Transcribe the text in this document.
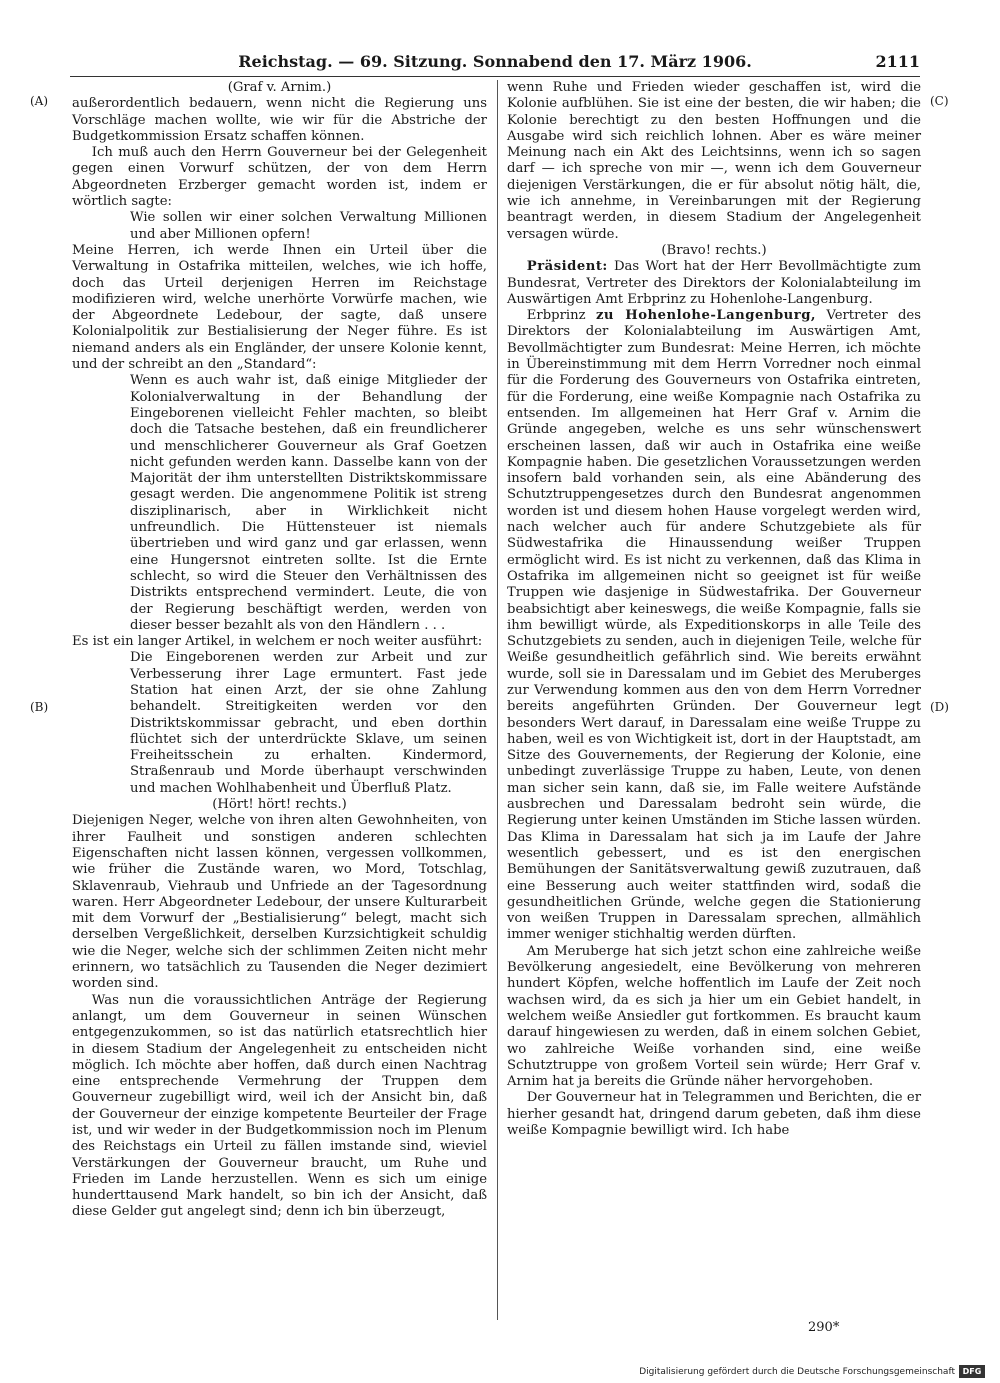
Reichstag. — 69. Sitzung. Sonnabend den 17. März 1906.	2111
(A)
(B)
(C)
(D)

(Graf v. Arnim.)

außerordentlich bedauern, wenn nicht die Regierung uns Vorschläge machen wollte, wie wir für die Abstriche der Budgetkommission Ersatz schaffen können.

Ich muß auch den Herrn Gouverneur bei der Gelegenheit gegen einen Vorwurf schützen, der von dem Herrn Abgeordneten Erzberger gemacht worden ist, indem er wörtlich sagte:

Wie sollen wir einer solchen Verwaltung Millionen und aber Millionen opfern!

Meine Herren, ich werde Ihnen ein Urteil über die Verwaltung in Ostafrika mitteilen, welches, wie ich hoffe, doch das Urteil derjenigen Herren im Reichstage modifizieren wird, welche unerhörte Vorwürfe machen, wie der Abgeordnete Ledebour, der sagte, daß unsere Kolonialpolitik zur Bestialisierung der Neger führe. Es ist niemand anders als ein Engländer, der unsere Kolonie kennt, und der schreibt an den „Standard“:

Wenn es auch wahr ist, daß einige Mitglieder der Kolonialverwaltung in der Behandlung der Eingeborenen vielleicht Fehler machten, so bleibt doch die Tatsache bestehen, daß ein freundlicherer und menschlicherer Gouverneur als Graf Goetzen nicht gefunden werden kann. Dasselbe kann von der Majorität der ihm unterstellten Distriktskommissare gesagt werden. Die angenommene Politik ist streng disziplinarisch, aber in Wirklichkeit nicht unfreundlich. Die Hüttensteuer ist niemals übertrieben und wird ganz und gar erlassen, wenn eine Hungersnot eintreten sollte. Ist die Ernte schlecht, so wird die Steuer den Verhältnissen des Distrikts entsprechend vermindert. Leute, die von der Regierung beschäftigt werden, werden von dieser besser bezahlt als von den Händlern . . .

Es ist ein langer Artikel, in welchem er noch weiter ausführt:

Die Eingeborenen werden zur Arbeit und zur Verbesserung ihrer Lage ermuntert. Fast jede Station hat einen Arzt, der sie ohne Zahlung behandelt. Streitigkeiten werden vor den Distriktskommissar gebracht, und eben dorthin flüchtet sich der unterdrückte Sklave, um seinen Freiheitsschein zu erhalten. Kindermord, Straßenraub und Morde überhaupt verschwinden und machen Wohlhabenheit und Überfluß Platz.

(Hört! hört! rechts.)

Diejenigen Neger, welche von ihren alten Gewohnheiten, von ihrer Faulheit und sonstigen anderen schlechten Eigenschaften nicht lassen können, vergessen vollkommen, wie früher die Zustände waren, wo Mord, Totschlag, Sklavenraub, Viehraub und Unfriede an der Tagesordnung waren. Herr Abgeordneter Ledebour, der unsere Kulturarbeit mit dem Vorwurf der „Bestialisierung“ belegt, macht sich derselben Vergeßlichkeit, derselben Kurzsichtigkeit schuldig wie die Neger, welche sich der schlimmen Zeiten nicht mehr erinnern, wo tatsächlich zu Tausenden die Neger dezimiert worden sind.

Was nun die voraussichtlichen Anträge der Regierung anlangt, um dem Gouverneur in seinen Wünschen entgegenzukommen, so ist das natürlich etatsrechtlich hier in diesem Stadium der Angelegenheit zu entscheiden nicht möglich. Ich möchte aber hoffen, daß durch einen Nachtrag eine entsprechende Vermehrung der Truppen dem Gouverneur zugebilligt wird, weil ich der Ansicht bin, daß der Gouverneur der einzige kompetente Beurteiler der Frage ist, und wir weder in der Budgetkommission noch im Plenum des Reichstags ein Urteil zu fällen imstande sind, wieviel Verstärkungen der Gouverneur braucht, um Ruhe und Frieden im Lande herzustellen. Wenn es sich um einige hunderttausend Mark handelt, so bin ich der Ansicht, daß diese Gelder gut angelegt sind; denn ich bin überzeugt,

wenn Ruhe und Frieden wieder geschaffen ist, wird die Kolonie aufblühen. Sie ist eine der besten, die wir haben; die Kolonie berechtigt zu den besten Hoffnungen und die Ausgabe wird sich reichlich lohnen. Aber es wäre meiner Meinung nach ein Akt des Leichtsinns, wenn ich so sagen darf — ich spreche von mir —, wenn ich dem Gouverneur diejenigen Verstärkungen, die er für absolut nötig hält, die, wie ich annehme, in Vereinbarungen mit der Regierung beantragt werden, in diesem Stadium der Angelegenheit versagen würde.

(Bravo! rechts.)

Präsident: Das Wort hat der Herr Bevollmächtigte zum Bundesrat, Vertreter des Direktors der Kolonialabteilung im Auswärtigen Amt Erbprinz zu Hohenlohe-Langenburg.

Erbprinz zu Hohenlohe-Langenburg, Vertreter des Direktors der Kolonialabteilung im Auswärtigen Amt, Bevollmächtigter zum Bundesrat: Meine Herren, ich möchte in Übereinstimmung mit dem Herrn Vorredner noch einmal für die Forderung des Gouverneurs von Ostafrika eintreten, für die Forderung, eine weiße Kompagnie nach Ostafrika zu entsenden. Im allgemeinen hat Herr Graf v. Arnim die Gründe angegeben, welche es uns sehr wünschenswert erscheinen lassen, daß wir auch in Ostafrika eine weiße Kompagnie haben. Die gesetzlichen Voraussetzungen werden insofern bald vorhanden sein, als eine Abänderung des Schutztruppengesetzes durch den Bundesrat angenommen worden ist und diesem hohen Hause vorgelegt werden wird, nach welcher auch für andere Schutzgebiete als für Südwestafrika die Hinaussendung weißer Truppen ermöglicht wird. Es ist nicht zu verkennen, daß das Klima in Ostafrika im allgemeinen nicht so geeignet ist für weiße Truppen wie dasjenige in Südwestafrika. Der Gouverneur beabsichtigt aber keineswegs, die weiße Kompagnie, falls sie ihm bewilligt würde, als Expeditionskorps in alle Teile des Schutzgebiets zu senden, auch in diejenigen Teile, welche für Weiße gesundheitlich gefährlich sind. Wie bereits erwähnt wurde, soll sie in Daressalam und im Gebiet des Meruberges zur Verwendung kommen aus den von dem Herrn Vorredner bereits angeführten Gründen. Der Gouverneur legt besonders Wert darauf, in Daressalam eine weiße Truppe zu haben, weil es von Wichtigkeit ist, dort in der Hauptstadt, am Sitze des Gouvernements, der Regierung der Kolonie, eine unbedingt zuverlässige Truppe zu haben, Leute, von denen man sicher sein kann, daß sie, im Falle weitere Aufstände ausbrechen und Daressalam bedroht sein würde, die Regierung unter keinen Umständen im Stiche lassen würden. Das Klima in Daressalam hat sich ja im Laufe der Jahre wesentlich gebessert, und es ist den energischen Bemühungen der Sanitätsverwaltung gewiß zuzutrauen, daß eine Besserung auch weiter stattfinden wird, sodaß die gesundheitlichen Gründe, welche gegen die Stationierung von weißen Truppen in Daressalam sprechen, allmählich immer weniger stichhaltig werden dürften.

Am Meruberge hat sich jetzt schon eine zahlreiche weiße Bevölkerung angesiedelt, eine Bevölkerung von mehreren hundert Köpfen, welche hoffentlich im Laufe der Zeit noch wachsen wird, da es sich ja hier um ein Gebiet handelt, in welchem weiße Ansiedler gut fortkommen. Es braucht kaum darauf hingewiesen zu werden, daß in einem solchen Gebiet, wo zahlreiche Weiße vorhanden sind, eine weiße Schutztruppe von großem Vorteil sein würde; Herr Graf v. Arnim hat ja bereits die Gründe näher hervorgehoben.

Der Gouverneur hat in Telegrammen und Berichten, die er hierher gesandt hat, dringend darum gebeten, daß ihm diese weiße Kompagnie bewilligt wird. Ich habe

290*
Digitalisierung gefördert durch die Deutsche Forschungsgemeinschaft DFG
